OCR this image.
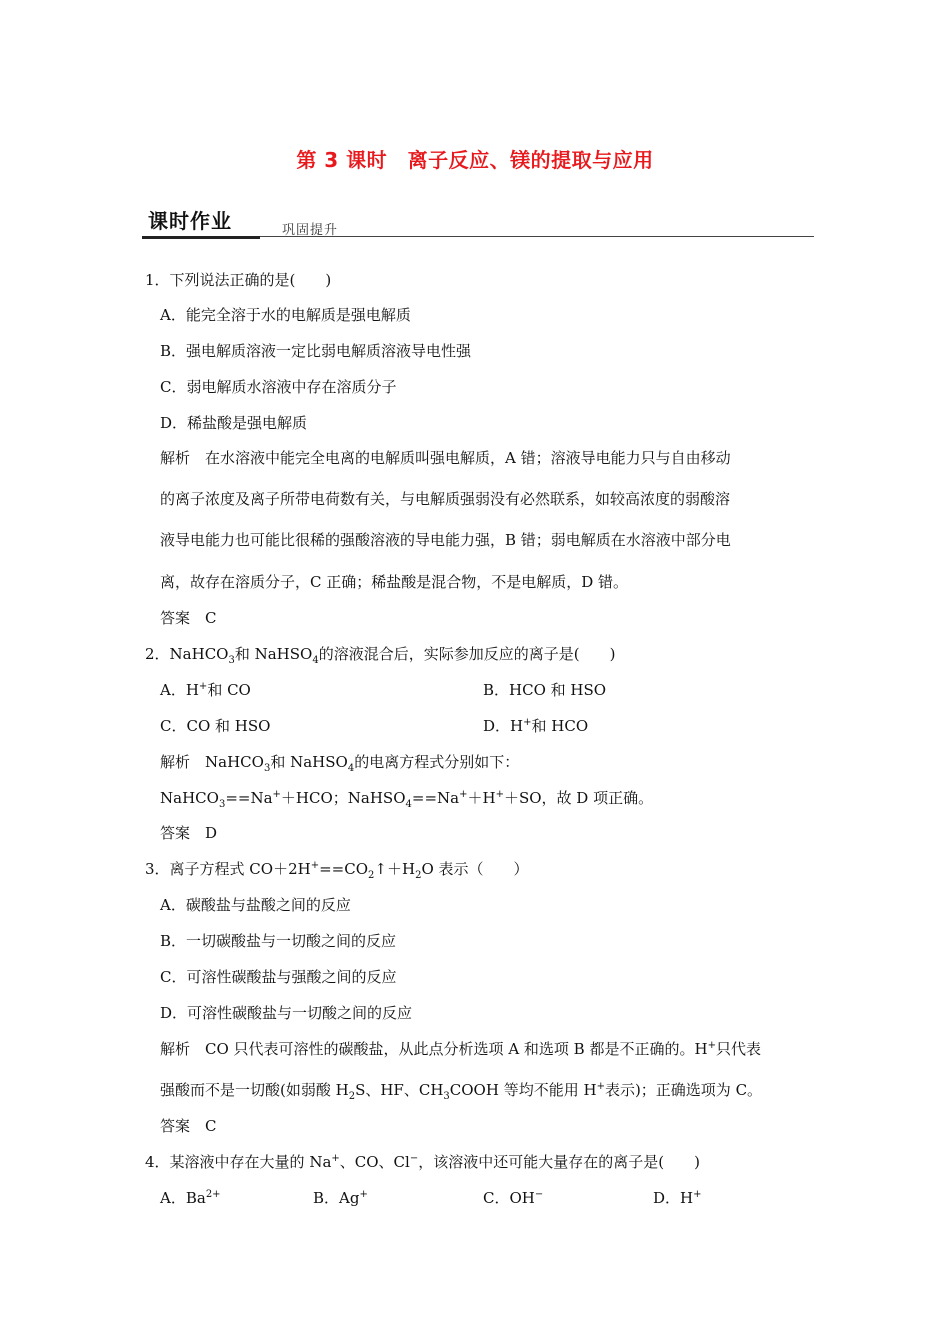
第 3 课时　离子反应、镁的提取与应用
课时作业	巩固提升
1．下列说法正确的是(　　)
A．能完全溶于水的电解质是强电解质
B．强电解质溶液一定比弱电解质溶液导电性强
C．弱电解质水溶液中存在溶质分子
D．稀盐酸是强电解质
解析　在水溶液中能完全电离的电解质叫强电解质，A 错；溶液导电能力只与自由移动
的离子浓度及离子所带电荷数有关，与电解质强弱没有必然联系，如较高浓度的弱酸溶
液导电能力也可能比很稀的强酸溶液的导电能力强，B 错；弱电解质在水溶液中部分电
离，故存在溶质分子，C 正确；稀盐酸是混合物，不是电解质，D 错。
答案　C
2．NaHCO$_3$和 NaHSO$_4$的溶液混合后，实际参加反应的离子是(　　)
A．H+和 CO	B．HCO 和 HSO
C．CO 和 HSO	D．H+和 HCO
解析　NaHCO$_3$和 NaHSO$_4$的电离方程式分别如下：
NaHCO$_3$==Na+＋HCO；NaHSO$_4$==Na+＋H+＋SO，故 D 项正确。
答案　D
3．离子方程式 $CO+2H^+==CO_2↑+H_2O$ 表示（　　）
A．碳酸盐与盐酸之间的反应
B．一切碳酸盐与一切酸之间的反应
C．可溶性碳酸盐与强酸之间的反应
D．可溶性碳酸盐与一切酸之间的反应
解析　CO 只代表可溶性的碳酸盐，从此点分析选项 A 和选项 B 都是不正确的。H+只代表
强酸而不是一切酸(如弱酸 $H_2S$、HF、$CH_3COOH$ 等均不能用 H+表示)；正确选项为 C。
答案　C
4．某溶液中存在大量的 Na+、CO、Cl−，该溶液中还可能大量存在的离子是(　　)
A．$Ba^{2+}$	B．Ag+	C．OH−	D．H+
